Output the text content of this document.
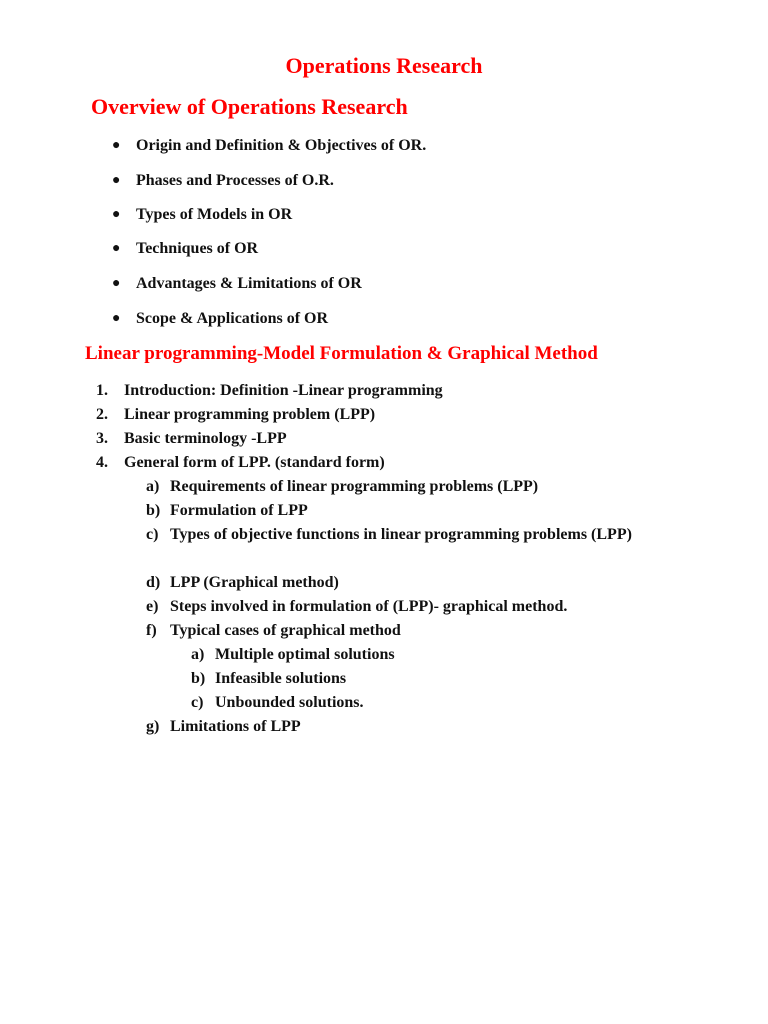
Operations Research
Overview of Operations Research
● Origin and Definition & Objectives of OR.
● Phases and Processes of O.R.
● Types of Models in OR
● Techniques of OR
● Advantages & Limitations of OR
● Scope & Applications of OR
Linear programming-Model Formulation & Graphical Method
1. Introduction: Definition -Linear programming
2. Linear programming problem (LPP)
3. Basic terminology -LPP
4. General form of LPP. (standard form)
a) Requirements of linear programming problems (LPP)
b) Formulation of LPP
c) Types of objective functions in linear programming problems (LPP)
d) LPP (Graphical method)
e) Steps involved in formulation of (LPP)- graphical method.
f) Typical cases of graphical method
a) Multiple optimal solutions
b) Infeasible solutions
c) Unbounded solutions.
g) Limitations of LPP
